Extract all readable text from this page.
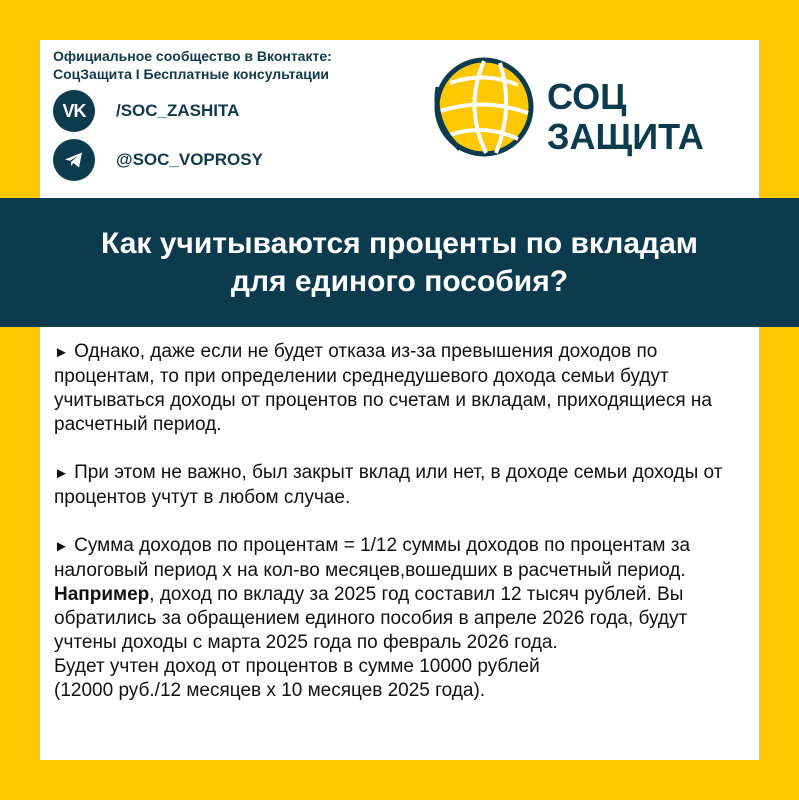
Официальное сообщество в Вконтакте:
СоцЗащита I Бесплатные консультации
VK /SOC_ZASHITA
@SOC_VOPROSY
СОЦ
ЗАЩИТА
Как учитываются проценты по вкладам
для единого пособия?

► Однако, даже если не будет отказа из-за превышения доходов по процентам, то при определении среднедушевого дохода семьи будут учитываться доходы от процентов по счетам и вкладам, приходящиеся на расчетный период.

► При этом не важно, был закрыт вклад или нет, в доходе семьи доходы от процентов учтут в любом случае.

► Сумма доходов по процентам = 1/12 суммы доходов по процентам за налоговый период х на кол-во месяцев,вошедших в расчетный период.

Например, доход по вкладу за 2025 год составил 12 тысяч рублей. Вы обратились за обращением единого пособия в апреле 2026 года, будут учтены доходы с марта 2025 года по февраль 2026 года.

Будет учтен доход от процентов в сумме 10000 рублей
(12000 руб./12 месяцев х 10 месяцев 2025 года).
